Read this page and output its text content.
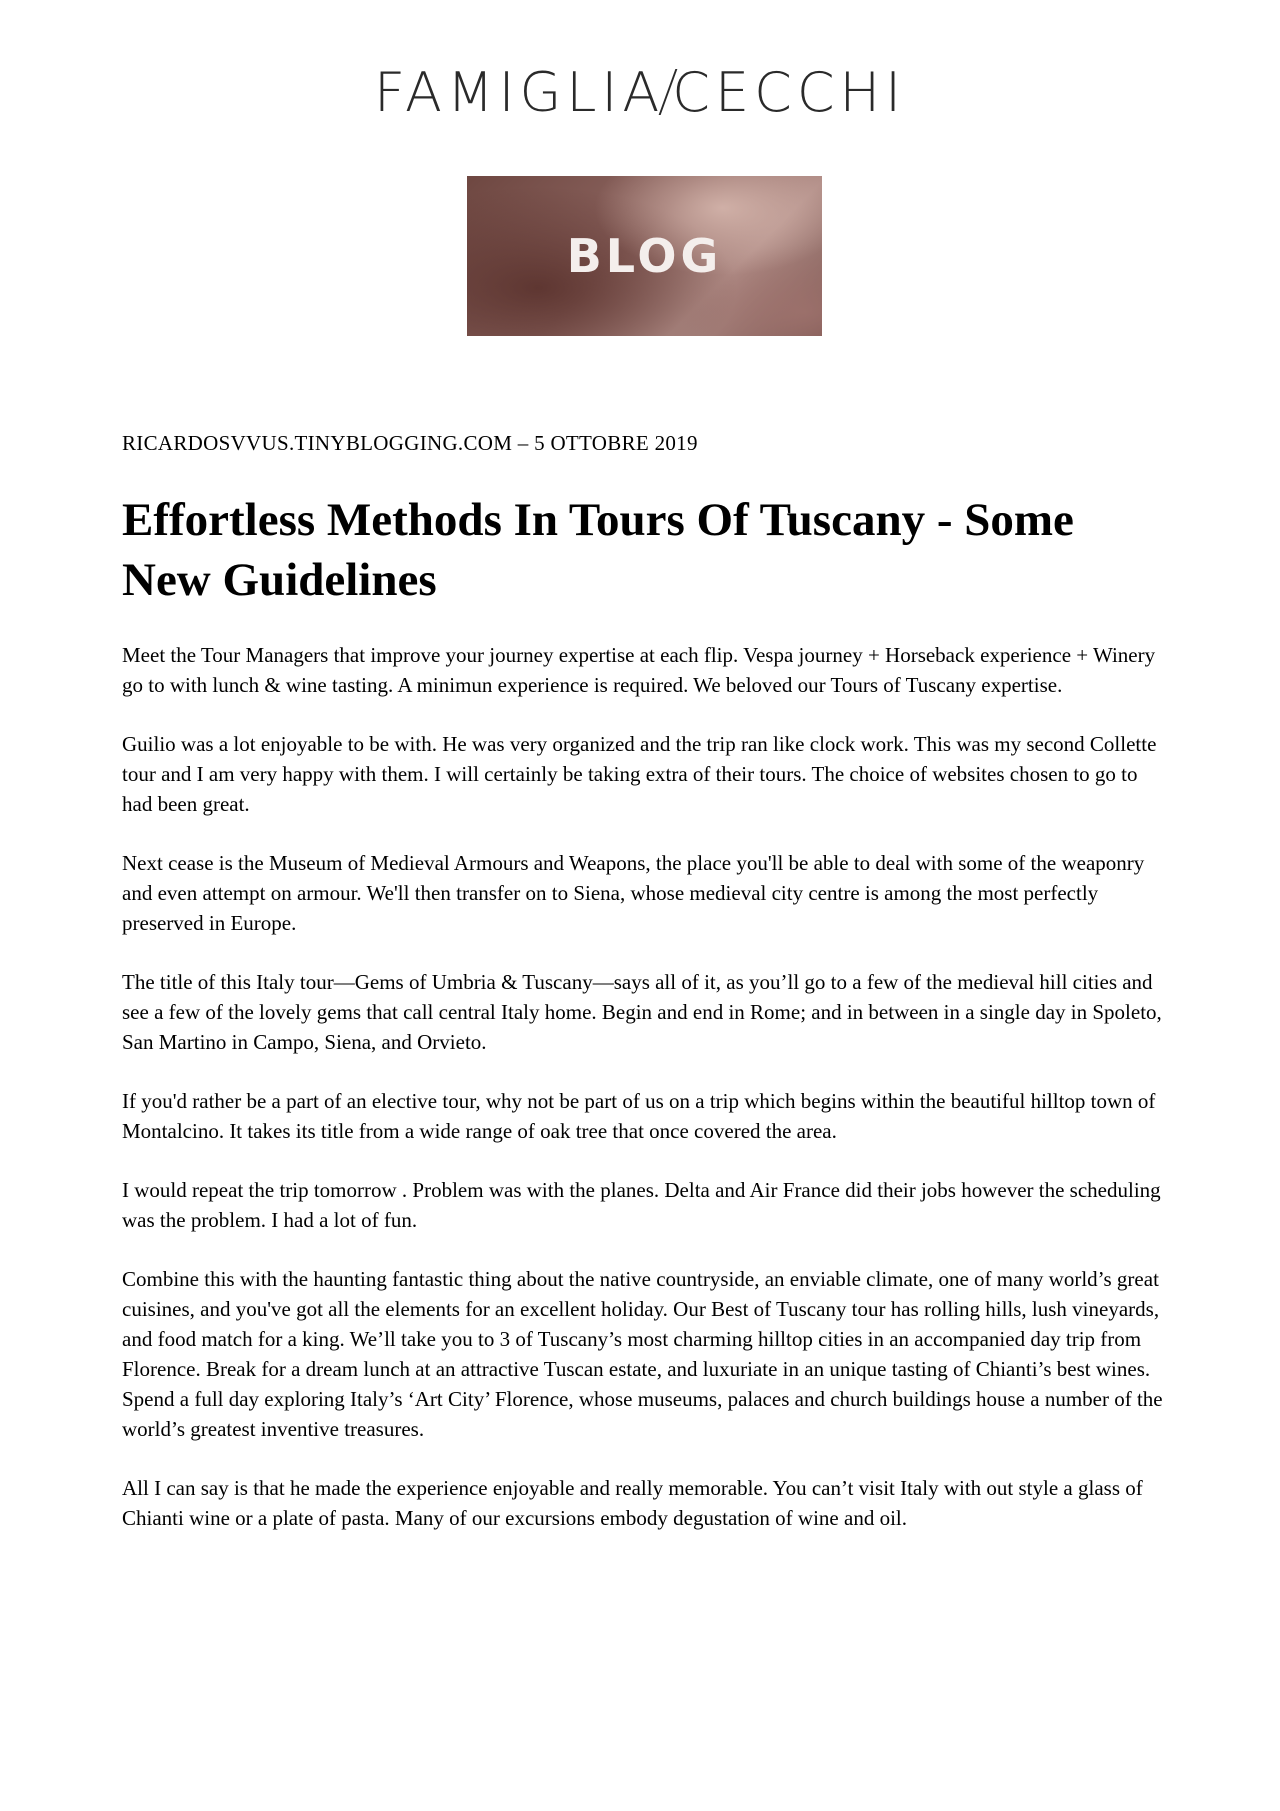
FAMIGLIA CECCHI
BLOG
RICARDOSVVUS.TINYBLOGGING.COM – 5 OTTOBRE 2019
Effortless Methods In Tours Of Tuscany - Some New Guidelines

Meet the Tour Managers that improve your journey expertise at each flip. Vespa journey + Horseback experience + Winery go to with lunch & wine tasting. A minimun experience is required. We beloved our Tours of Tuscany expertise.

Guilio was a lot enjoyable to be with. He was very organized and the trip ran like clock work. This was my second Collette tour and I am very happy with them. I will certainly be taking extra of their tours. The choice of websites chosen to go to had been great.

Next cease is the Museum of Medieval Armours and Weapons, the place you'll be able to deal with some of the weaponry and even attempt on armour. We'll then transfer on to Siena, whose medieval city centre is among the most perfectly preserved in Europe.

The title of this Italy tour—Gems of Umbria & Tuscany—says all of it, as you’ll go to a few of the medieval hill cities and see a few of the lovely gems that call central Italy home. Begin and end in Rome; and in between in a single day in Spoleto, San Martino in Campo, Siena, and Orvieto.

If you'd rather be a part of an elective tour, why not be part of us on a trip which begins within the beautiful hilltop town of Montalcino. It takes its title from a wide range of oak tree that once covered the area.

I would repeat the trip tomorrow . Problem was with the planes. Delta and Air France did their jobs however the scheduling was the problem. I had a lot of fun.

Combine this with the haunting fantastic thing about the native countryside, an enviable climate, one of many world’s great cuisines, and you've got all the elements for an excellent holiday. Our Best of Tuscany tour has rolling hills, lush vineyards, and food match for a king. We’ll take you to 3 of Tuscany’s most charming hilltop cities in an accompanied day trip from Florence. Break for a dream lunch at an attractive Tuscan estate, and luxuriate in an unique tasting of Chianti’s best wines. Spend a full day exploring Italy’s ‘Art City’ Florence, whose museums, palaces and church buildings house a number of the world’s greatest inventive treasures.

All I can say is that he made the experience enjoyable and really memorable. You can’t visit Italy with out style a glass of Chianti wine or a plate of pasta. Many of our excursions embody degustation of wine and oil.
